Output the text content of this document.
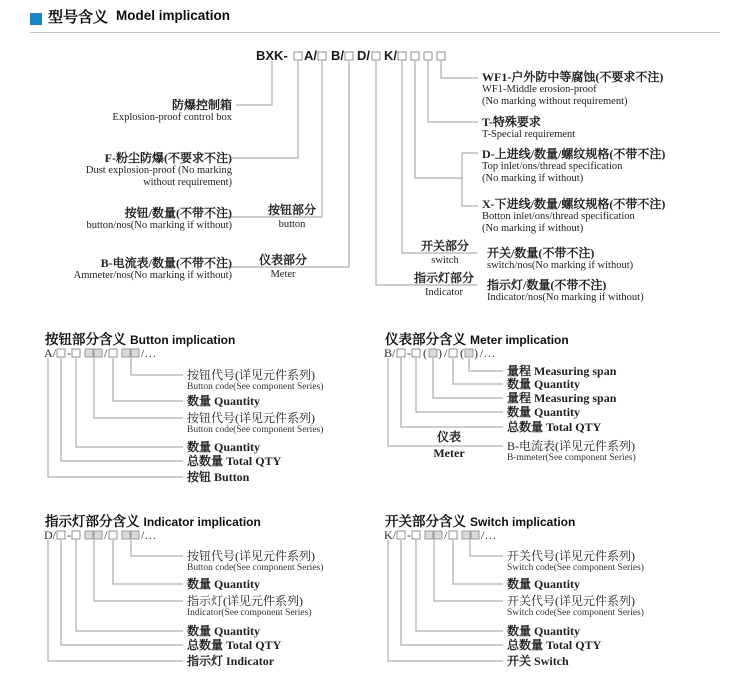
型号含义 Model implication
BXK- A/ B/ D/ K/
A/ -	/	/…	B/ - ( ) / ( ) /…
D/ -	/	/…	K/ -	/	/…
防爆控制箱
Explosion-proof control box
F-粉尘防爆(不要求不注)
Dust explosion-proof (No marking
without requirement)
按钮/数量(不带不注)
button/nos(No marking if without)
B-电流表/数量(不带不注)
Ammeter/nos(No marking if without)
按钮部分
button
仪表部分
Meter
开关部分
switch
指示灯部分
Indicator
WF1-户外防中等腐蚀(不要求不注)
WF1-Middle erosion-proof
(No marking without requirement)
T-特殊要求
T-Special requirement
D-上进线/数量/螺纹规格(不带不注)
Top inlet/ons/thread specification
(No marking if without)
X-下进线/数量/螺纹规格(不带不注)
Botton inlet/ons/thread specification
(No marking if without)
开关/数量(不带不注)
switch/nos(No marking if without)
指示灯/数量(不带不注)
Indicator/nos(No marking if without)
按钮部分含义 Button implication
按钮代号(详见元件系列)
Button code(See component Series)
数量 Quantity
按钮代号(详见元件系列)
Button code(See component Series)
数量 Quantity
总数量 Total QTY
按钮 Button
仪表部分含义 Meter implication
量程 Measuring span
数量 Quantity
量程 Measuring span
数量 Quantity
总数量 Total QTY
B-电流表(详见元件系列)
B-mmeter(See component Series)
仪表
Meter
指示灯部分含义 Indicator implication
按钮代号(详见元件系列)
Button code(See component Series)
数量 Quantity
指示灯(详见元件系列)
Indicator(See component Series)
数量 Quantity
总数量 Total QTY
指示灯 Indicator
开关部分含义 Switch implication
开关代号(详见元件系列)
Switch code(See component Series)
数量 Quantity
开关代号(详见元件系列)
Switch code(See component Series)
数量 Quantity
总数量 Total QTY
开关 Switch
